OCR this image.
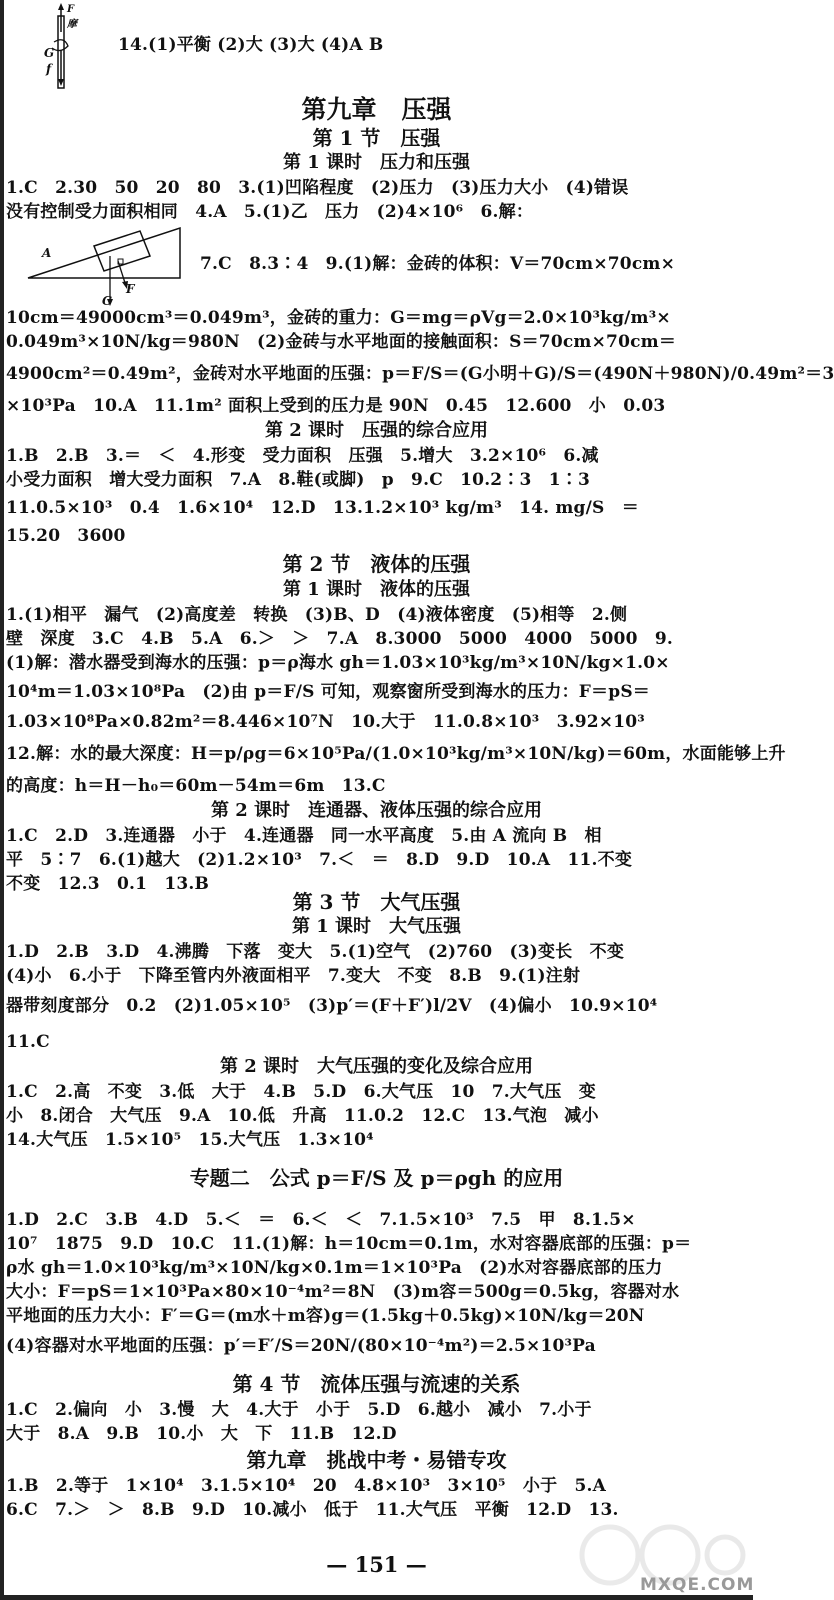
F摩
G
f
14.(1)平衡 (2)大 (3)大 (4)A B
第九章　压强
第 1 节　压强
第 1 课时　压力和压强
1.C　2.30　50　20　80　3.(1)凹陷程度　(2)压力　(3)压力大小　(4)错误
没有控制受力面积相同　4.A　5.(1)乙　压力　(2)4×10⁶　6.解：
A
F
G
7.C　8.3∶4　9.(1)解：金砖的体积：V＝70cm×70cm×
10cm＝49000cm³＝0.049m³，金砖的重力：G＝mg＝ρVg＝2.0×10³kg/m³×
0.049m³×10N/kg＝980N　(2)金砖与水平地面的接触面积：S＝70cm×70cm＝
4900cm²＝0.49m²，金砖对水平地面的压强：p＝F/S＝(G小明＋G)/S＝(490N＋980N)/0.49m²＝3
×10³Pa　10.A　11.1m² 面积上受到的压力是 90N　0.45　12.600　小　0.03
第 2 课时　压强的综合应用
1.B　2.B　3.＝　＜　4.形变　受力面积　压强　5.增大　3.2×10⁶　6.减
小受力面积　增大受力面积　7.A　8.鞋(或脚)　p　9.C　10.2∶3　1∶3
11.0.5×10³　0.4　1.6×10⁴　12.D　13.1.2×10³ kg/m³　14. mg/S　＝
15.20　3600
第 2 节　液体的压强
第 1 课时　液体的压强
1.(1)相平　漏气　(2)高度差　转换　(3)B、D　(4)液体密度　(5)相等　2.侧
壁　深度　3.C　4.B　5.A　6.＞　＞　7.A　8.3000　5000　4000　5000　9.
(1)解：潜水器受到海水的压强：p＝ρ海水 gh＝1.03×10³kg/m³×10N/kg×1.0×
10⁴m＝1.03×10⁸Pa　(2)由 p＝F/S 可知，观察窗所受到海水的压力：F＝pS＝
1.03×10⁸Pa×0.82m²＝8.446×10⁷N　10.大于　11.0.8×10³　3.92×10³
12.解：水的最大深度：H＝p/ρg＝6×10⁵Pa/(1.0×10³kg/m³×10N/kg)＝60m，水面能够上升
的高度：h＝H－h₀＝60m－54m＝6m　13.C
第 2 课时　连通器、液体压强的综合应用
1.C　2.D　3.连通器　小于　4.连通器　同一水平高度　5.由 A 流向 B　相
平　5∶7　6.(1)越大　(2)1.2×10³　7.＜　＝　8.D　9.D　10.A　11.不变
不变　12.3　0.1　13.B
第 3 节　大气压强
第 1 课时　大气压强
1.D　2.B　3.D　4.沸腾　下落　变大　5.(1)空气　(2)760　(3)变长　不变
(4)小　6.小于　下降至管内外液面相平　7.变大　不变　8.B　9.(1)注射
器带刻度部分　0.2　(2)1.05×10⁵　(3)p′＝(F＋F′)l/2V　(4)偏小　10.9×10⁴
11.C
第 2 课时　大气压强的变化及综合应用
1.C　2.高　不变　3.低　大于　4.B　5.D　6.大气压　10　7.大气压　变
小　8.闭合　大气压　9.A　10.低　升高　11.0.2　12.C　13.气泡　减小
14.大气压　1.5×10⁵　15.大气压　1.3×10⁴
专题二　公式 p＝F/S 及 p＝ρgh 的应用
1.D　2.C　3.B　4.D　5.＜　＝　6.＜　＜　7.1.5×10³　7.5　甲　8.1.5×
10⁷　1875　9.D　10.C　11.(1)解：h＝10cm＝0.1m，水对容器底部的压强：p＝
ρ水 gh＝1.0×10³kg/m³×10N/kg×0.1m＝1×10³Pa　(2)水对容器底部的压力
大小：F＝pS＝1×10³Pa×80×10⁻⁴m²＝8N　(3)m容＝500g＝0.5kg，容器对水
平地面的压力大小：F′＝G＝(m水＋m容)g＝(1.5kg＋0.5kg)×10N/kg＝20N
(4)容器对水平地面的压强：p′＝F′/S＝20N/(80×10⁻⁴m²)＝2.5×10³Pa
第 4 节　流体压强与流速的关系
1.C　2.偏向　小　3.慢　大　4.大于　小于　5.D　6.越小　减小　7.小于
大于　8.A　9.B　10.小　大　下　11.B　12.D
第九章　挑战中考・易错专攻
1.B　2.等于　1×10⁴　3.1.5×10⁴　20　4.8×10³　3×10⁵　小于　5.A
6.C　7.＞　＞　8.B　9.D　10.减小　低于　11.大气压　平衡　12.D　13.
— 151 —
MXQE.COM
